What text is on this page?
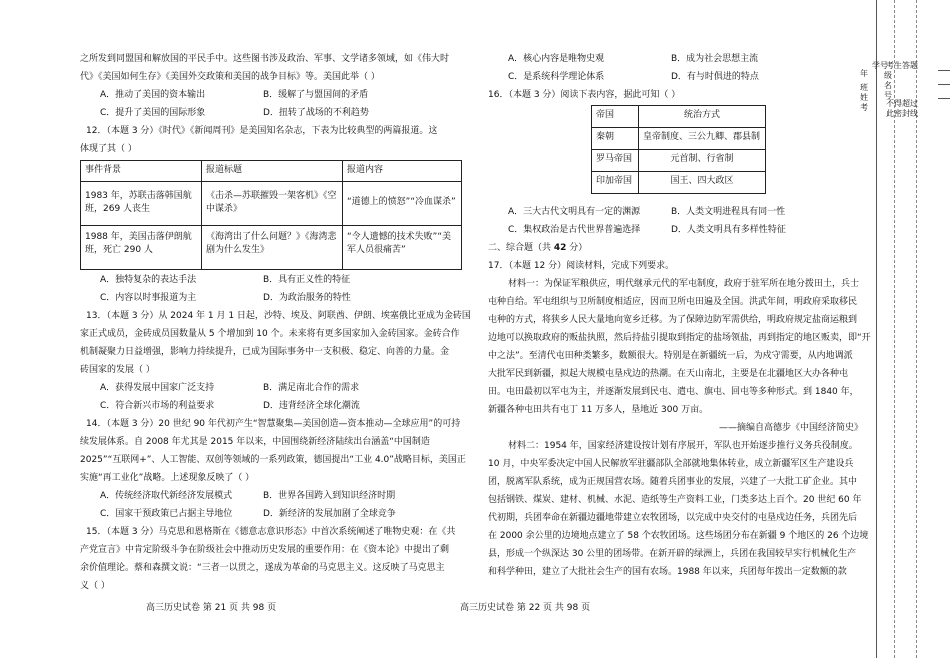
之所发到同盟国和解放国的平民手中。这些图书涉及政治、军事、文学诸多领域，如《伟大时
代》《美国如何生存》《美国外交政策和美国的战争目标》等。美国此举（ ）
A．推动了美国的资本输出	B．缓解了与盟国间的矛盾
C．提升了美国的国际形象	D．扭转了战场的不利趋势
12．（本题 3 分）《时代》《新闻周刊》是美国知名杂志，下表为比较典型的两篇报道。这
体现了其（ ）
事件背景	报道标题	报道内容
1983 年，苏联击落韩国航班，269 人丧生	《击杀—苏联摧毁一架客机》《空中谋杀》	“道德上的愤怒”“冷血谋杀”
1988 年，美国击落伊朗航班，死亡 290 人	《海湾出了什么问题？》《海湾悲剧为什么发生》	“令人遗憾的技术失败”“美军人员很痛苦”
A．独特复杂的表达手法	B．具有正义性的特征
C．内容以时事报道为主	D．为政治服务的特性
13．（本题 3 分）从 2024 年 1 月 1 日起，沙特、埃及、阿联酋、伊朗、埃塞俄比亚成为金砖国
家正式成员，金砖成员国数量从 5 个增加到 10 个。未来将有更多国家加入金砖国家。金砖合作
机制凝聚力日益增强，影响力持续提升，已成为国际事务中一支积极、稳定、向善的力量。金
砖国家的发展（ ）
A．获得发展中国家广泛支持	B．满足南北合作的需求
C．符合新兴市场的利益要求	D．违背经济全球化潮流
14．（本题 3 分）20 世纪 90 年代初产生“智慧聚集—美国创造—资本推动—全球应用”的可持
续发展体系。自 2008 年尤其是 2015 年以来，中国围绕新经济陆续出台涵盖“中国制造
2025”“互联网+”、人工智能、双创等领域的一系列政策，德国提出“工业 4.0”战略目标，美国正
实施“再工业化”战略。上述现象反映了（ ）
A．传统经济取代新经济发展模式	B．世界各国跨入到知识经济时期
C．国家干预政策已占据主导地位	D．新经济的发展加剧了全球竞争
15．（本题 3 分）马克思和恩格斯在《德意志意识形态》中首次系统阐述了唯物史观：在《共
产党宣言》中肯定阶级斗争在阶级社会中推动历史发展的重要作用：在《资本论》中提出了剩
余价值理论。蔡和森撰文说：“三者一以贯之，遂成为革命的马克思主义。这反映了马克思主
义（ ）
高三历史试卷 第 21 页 共 98 页
A．核心内容是唯物史观	B．成为社会思想主流
C．是系统科学理论体系	D．有与时俱进的特点
16．（本题 3 分）阅读下表内容，据此可知（ ）
帝国	统治方式
秦朝	皇帝制度、三公九卿、郡县制
罗马帝国	元首制、行省制
印加帝国	国王、四大政区
A．三大古代文明具有一定的渊源	B．人类文明进程具有同一性
C．集权政治是古代世界普遍选择	D．人类文明具有多样性特征
二、综合题（共 42 分）
17．（本题 12 分）阅读材料，完成下列要求。
材料一：为保证军粮供应，明代继承元代的军屯制度，政府于驻军所在地分拨田土，兵士
屯种自给。军屯组织与卫所制度相适应，因而卫所屯田遍及全国。洪武年间，明政府采取移民
屯种的方式，将狭乡人民大量地向宽乡迁移。为了保障边防军需供给，明政府规定盐商运粮到
边地可以换取政府的贩盐执照，然后持盐引提取到指定的盐场领盐，再到指定的地区贩卖，即“开
中之法”。至清代屯田种类繁多，数额很大。特别是在新疆统一后，为戍守需要，从内地调派
大批军民到新疆，拟起大规模屯垦戍边的热潮。在天山南北，主要是在北疆地区大办各种屯
田。屯田最初以军屯为主，并逐渐发展到民屯、遣屯、旗屯、回屯等多种形式。到 1840 年，
新疆各种屯田共有屯丁 11 万多人，垦地近 300 万亩。
——摘编自高德步《中国经济简史》
材料二：1954 年，国家经济建设按计划有序展开，军队也开始逐步推行义务兵役制度。
10 月，中央军委决定中国人民解放军驻疆部队全部就地集体转业，成立新疆军区生产建设兵
团，脱离军队系统，成为正规国营农场。随着兵团事业的发展，兴建了一大批工矿企业。其中
包括钢铁、煤炭、建材、机械、水泥、造纸等生产资料工业，门类多达上百个。20 世纪 60 年
代初期，兵团奉命在新疆边疆地带建立农牧团场，以完成中央交付的屯垦戍边任务，兵团先后
在 2000 余公里的边境地点建立了 58 个农牧团场。这些场团分布在新疆 9 个地区的 26 个边境
县，形成一个纵深达 30 公里的团场带。在新开辟的绿洲上，兵团在我国较早实行机械化生产
和科学种田，建立了大批社会生产的国有农场。1988 年以来，兵团每年拨出一定数额的款
高三历史试卷 第 22 页 共 98 页
年
班
姓
考
学号
级
名
号
考生答题
不得超过
此密封线
